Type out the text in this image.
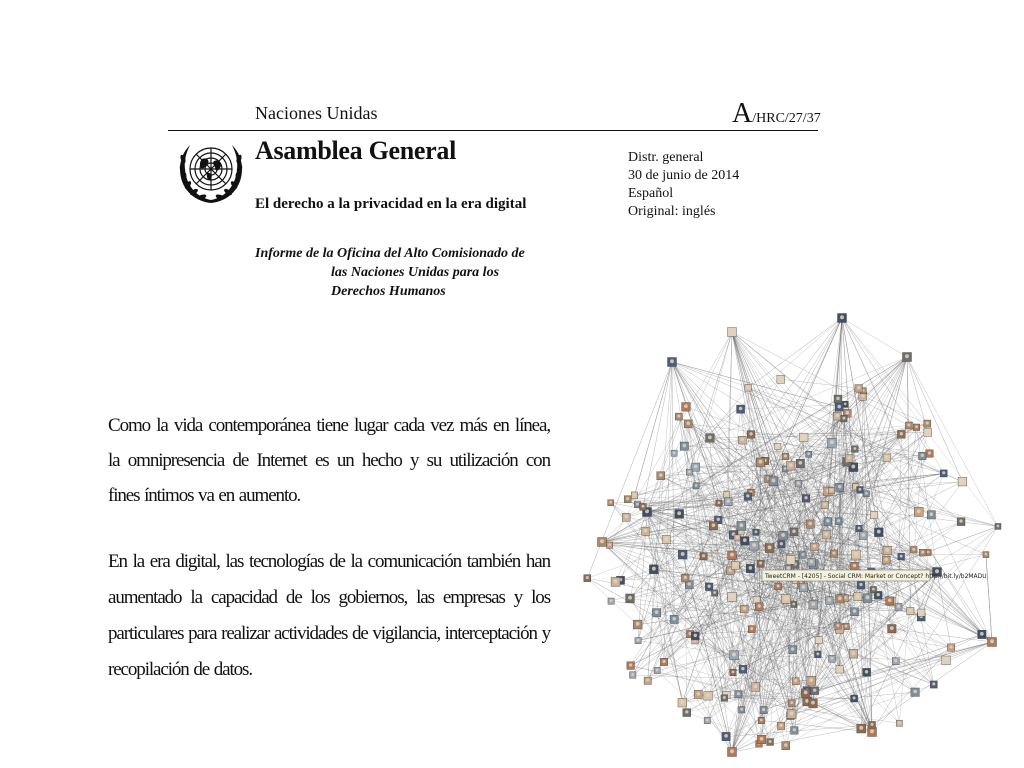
Naciones Unidas	A/HRC/27/37
Asamblea General
El derecho a la privacidad en la era digital
Informe de la Oficina del Alto Comisionado de
las Naciones Unidas para los
Derechos Humanos
Distr. general
30 de junio de 2014
Español
Original: inglés

Como la vida contemporánea tiene lugar cada vez más en línea, la omnipresencia de Internet es un hecho y su utilización con fines íntimos va en aumento.

En la era digital, las tecnologías de la comunicación también han aumentado la capacidad de los gobiernos, las empresas y los particulares para realizar actividades de vigilancia, interceptación y recopilación de datos.

TweetCRM - [4205] - Social CRM: Market or Concept? http://bit.ly/b2MADU
